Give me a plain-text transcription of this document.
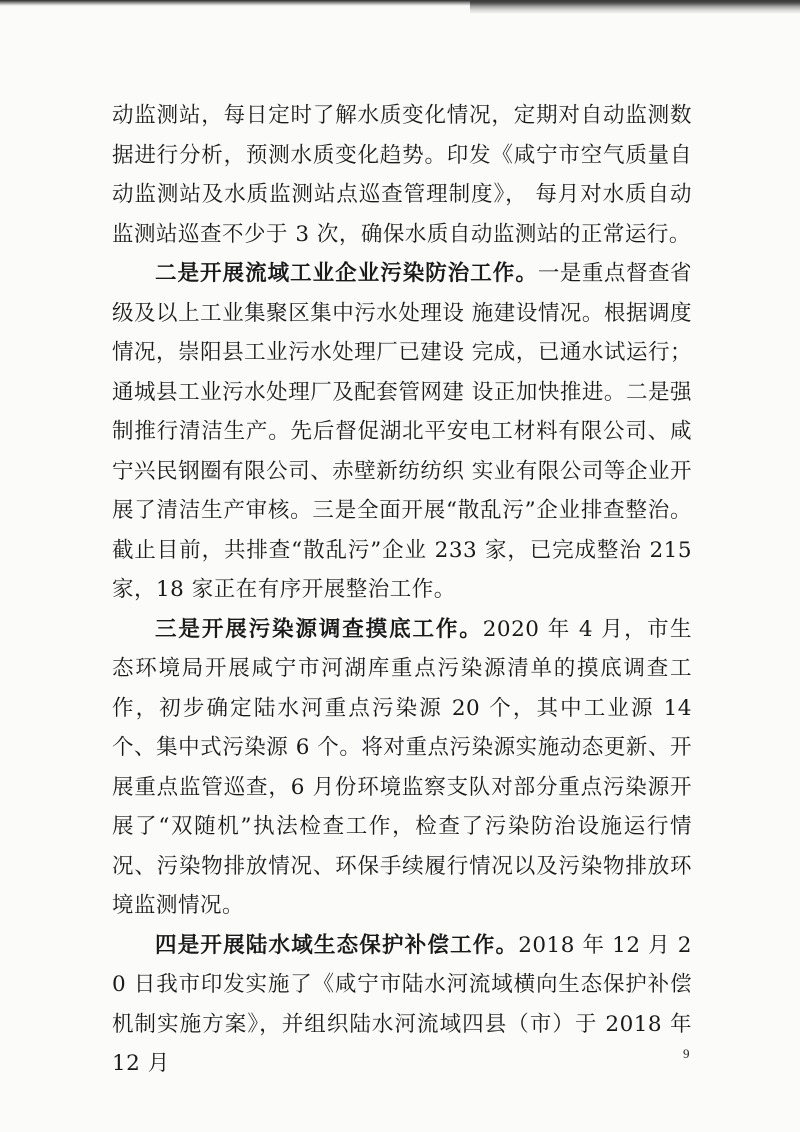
动监测站，每日定时了解水质变化情况，定期对自动监测数据进行分析，预测水质变化趋势。印发《咸宁市空气质量自动监测站及水质监测站点巡查管理制度》， 每月对水质自动监测站巡查不少于 3 次，确保水质自动监测站的正常运行。

二是开展流域工业企业污染防治工作。一是重点督查省级及以上工业集聚区集中污水处理设 施建设情况。根据调度情况，崇阳县工业污水处理厂已建设 完成，已通水试运行；通城县工业污水处理厂及配套管网建 设正加快推进。二是强制推行清洁生产。先后督促湖北平安电工材料有限公司、咸宁兴民钢圈有限公司、赤壁新纺纺织 实业有限公司等企业开展了清洁生产审核。三是全面开展“散乱污”企业排查整治。截止目前，共排查“散乱污”企业 233 家，已完成整治 215 家，18 家正在有序开展整治工作。

三是开展污染源调查摸底工作。2020 年 4 月，市生态环境局开展咸宁市河湖库重点污染源清单的摸底调查工作，初步确定陆水河重点污染源 20 个，其中工业源 14 个、集中式污染源 6 个。将对重点污染源实施动态更新、开展重点监管巡查，6 月份环境监察支队对部分重点污染源开展了“双随机”执法检查工作，检查了污染防治设施运行情况、污染物排放情况、环保手续履行情况以及污染物排放环境监测情况。

四是开展陆水域生态保护补偿工作。2018 年 12 月 20 日我市印发实施了《咸宁市陆水河流域横向生态保护补偿机制实施方案》，并组织陆水河流域四县（市）于 2018 年 12 月	9
